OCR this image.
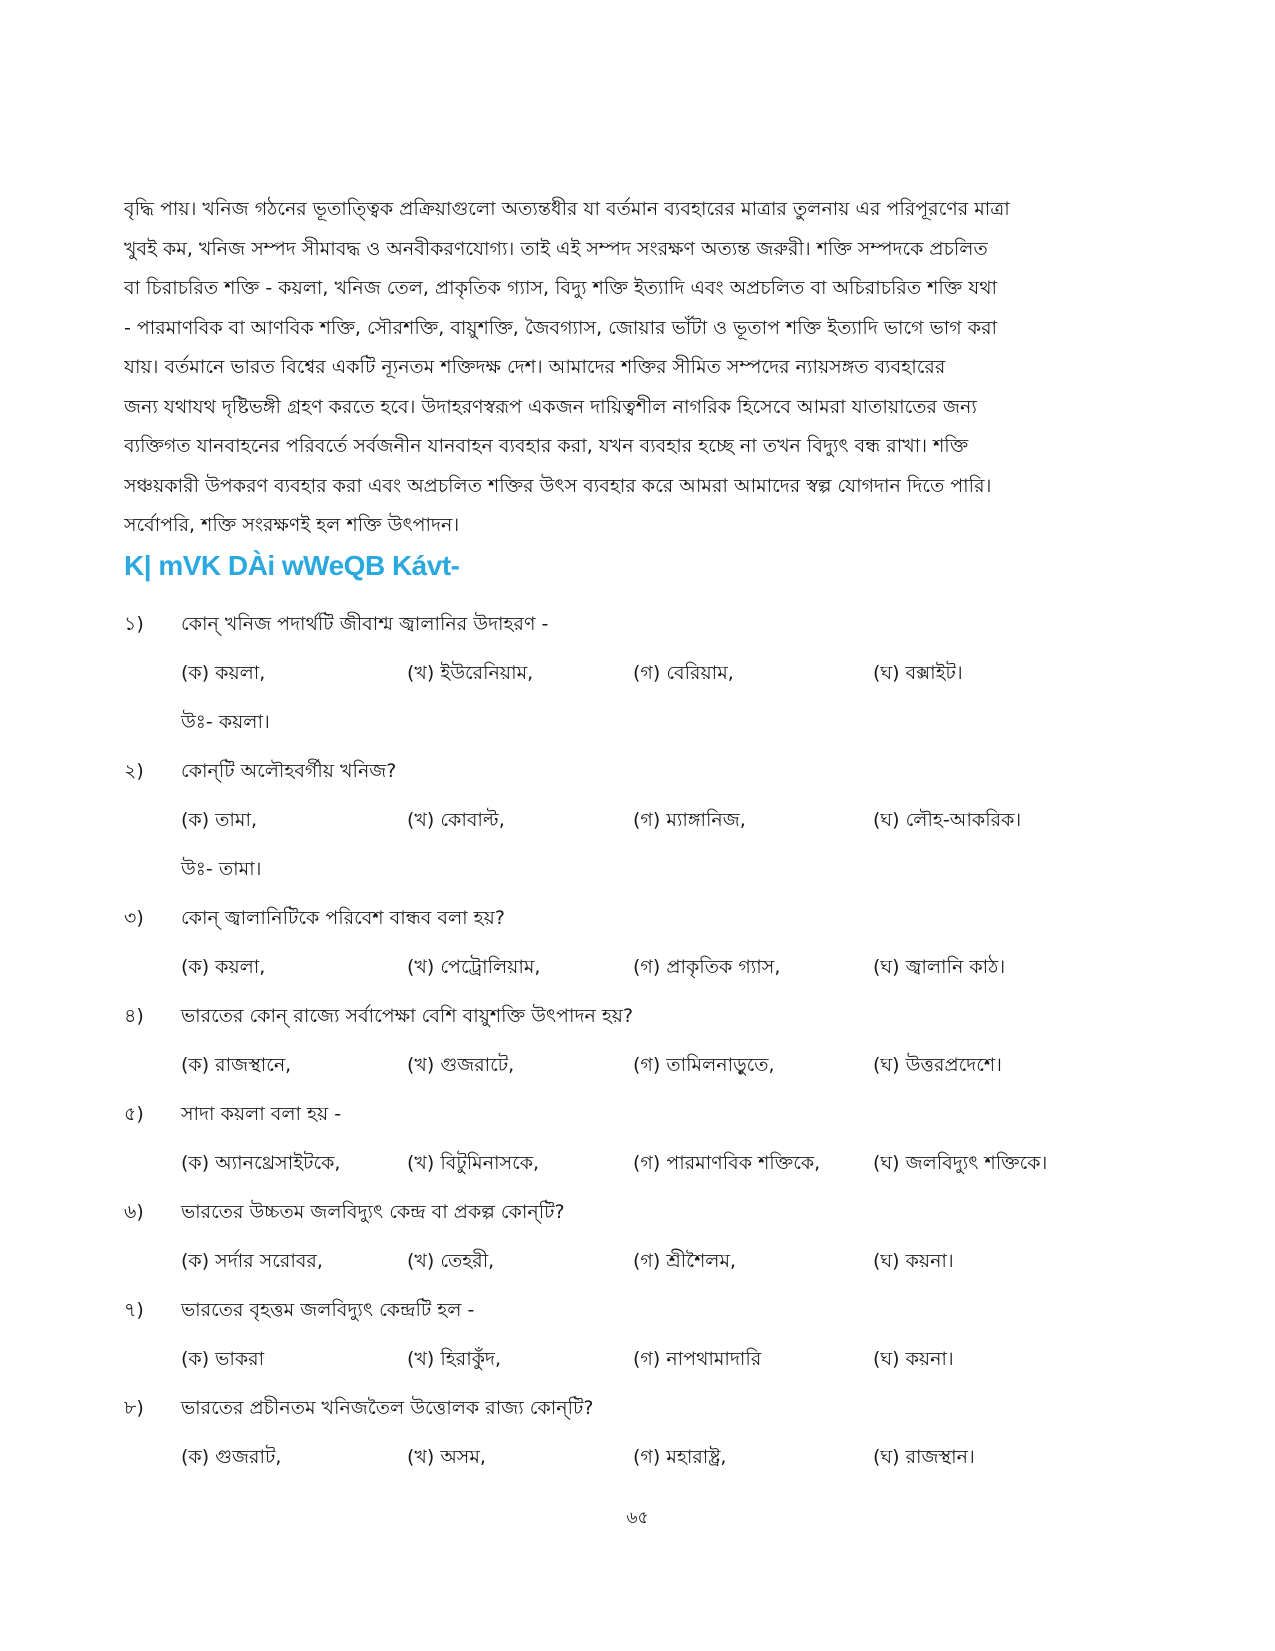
বৃদ্ধি পায়। খনিজ গঠনের ভূতাত্ত্বিক প্রক্রিয়াগুলো অত্যন্তধীর যা বর্তমান ব্যবহারের মাত্রার তুলনায় এর পরিপূরণের মাত্রা
খুবই কম, খনিজ সম্পদ সীমাবদ্ধ ও অনবীকরণযোগ্য। তাই এই সম্পদ সংরক্ষণ অত্যন্ত জরুরী। শক্তি সম্পদকে প্রচলিত
বা চিরাচরিত শক্তি - কয়লা, খনিজ তেল, প্রাকৃতিক গ্যাস, বিদ্যু শক্তি ইত্যাদি এবং অপ্রচলিত বা অচিরাচরিত শক্তি যথা
- পারমাণবিক বা আণবিক শক্তি, সৌরশক্তি, বায়ুশক্তি, জৈবগ্যাস, জোয়ার ভাঁটা ও ভূতাপ শক্তি ইত্যাদি ভাগে ভাগ করা
যায়। বর্তমানে ভারত বিশ্বের একটি ন্যূনতম শক্তিদক্ষ দেশ। আমাদের শক্তির সীমিত সম্পদের ন্যায়সঙ্গত ব্যবহারের
জন্য যথাযথ দৃষ্টিভঙ্গী গ্রহণ করতে হবে। উদাহরণস্বরূপ একজন দায়িত্বশীল নাগরিক হিসেবে আমরা যাতায়াতের জন্য
ব্যক্তিগত যানবাহনের পরিবর্তে সর্বজনীন যানবাহন ব্যবহার করা, যখন ব্যবহার হচ্ছে না তখন বিদ্যুৎ বন্ধ রাখা। শক্তি
সঞ্চয়কারী উপকরণ ব্যবহার করা এবং অপ্রচলিত শক্তির উৎস ব্যবহার করে আমরা আমাদের স্বল্প যোগদান দিতে পারি।
সর্বোপরি, শক্তি সংরক্ষণই হল শক্তি উৎপাদন।
K| mVK DÀi wWeQB Kávt-
১)	কোন্ খনিজ পদার্থটি জীবাশ্ম জ্বালানির উদাহরণ -
(ক) কয়লা,	(খ) ইউরেনিয়াম,	(গ) বেরিয়াম,	(ঘ) বক্সাইট।
উঃ- কয়লা।
২)	কোন্‌টি অলৌহবর্গীয় খনিজ?
(ক) তামা,	(খ) কোবাল্ট,	(গ) ম্যাঙ্গানিজ,	(ঘ) লৌহ-আকরিক।
উঃ- তামা।
৩)	কোন্ জ্বালানিটিকে পরিবেশ বান্ধব বলা হয়?
(ক) কয়লা,	(খ) পেট্রোলিয়াম,	(গ) প্রাকৃতিক গ্যাস,	(ঘ) জ্বালানি কাঠ।
৪)	ভারতের কোন্ রাজ্যে সর্বাপেক্ষা বেশি বায়ুশক্তি উৎপাদন হয়?
(ক) রাজস্থানে,	(খ) গুজরাটে,	(গ) তামিলনাড়ুতে,	(ঘ) উত্তরপ্রদেশে।
৫)	সাদা কয়লা বলা হয় -
(ক) অ্যানথ্রেসাইটকে,	(খ) বিটুমিনাসকে,	(গ) পারমাণবিক শক্তিকে,	(ঘ) জলবিদ্যুৎ শক্তিকে।
৬)	ভারতের উচ্চতম জলবিদ্যুৎ কেন্দ্র বা প্রকল্প কোন্‌টি?
(ক) সর্দার সরোবর,	(খ) তেহরী,	(গ) শ্রীশৈলম,	(ঘ) কয়না।
৭)	ভারতের বৃহত্তম জলবিদ্যুৎ কেন্দ্রটি হল -
(ক) ভাকরা	(খ) হিরাকুঁদ,	(গ) নাপথামাদারি	(ঘ) কয়না।
৮)	ভারতের প্রচীনতম খনিজতৈল উত্তোলক রাজ্য কোন্‌টি?
(ক) গুজরাট,	(খ) অসম,	(গ) মহারাষ্ট্র,	(ঘ) রাজস্থান।
৬৫
